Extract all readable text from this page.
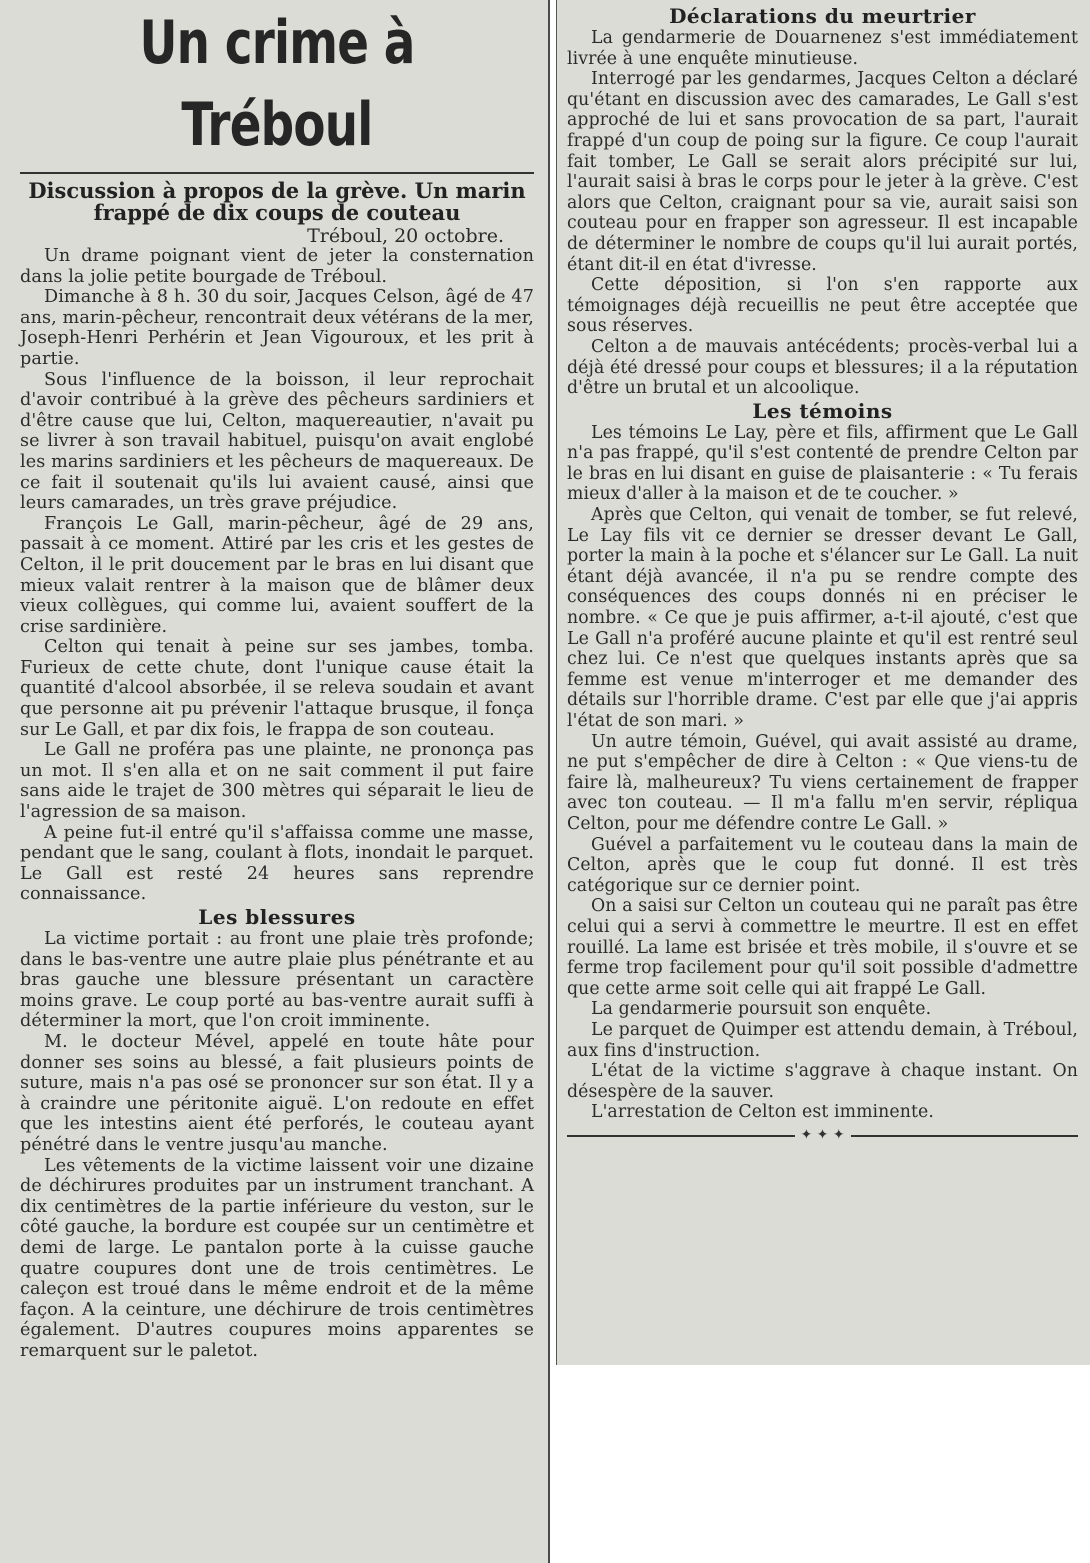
Un crime à Tréboul

Discussion à propos de la grève. Un marin frappé de dix coups de couteau

Tréboul, 20 octobre.

Un drame poignant vient de jeter la consternation dans la jolie petite bourgade de Tréboul.

Dimanche à 8 h. 30 du soir, Jacques Celson, âgé de 47 ans, marin-pêcheur, rencontrait deux vétérans de la mer, Joseph-Henri Perhérin et Jean Vigouroux, et les prit à partie.

Sous l'influence de la boisson, il leur reprochait d'avoir contribué à la grève des pêcheurs sardiniers et d'être cause que lui, Celton, maquereautier, n'avait pu se livrer à son travail habituel, puisqu'on avait englobé les marins sardiniers et les pêcheurs de maquereaux. De ce fait il soutenait qu'ils lui avaient causé, ainsi que leurs camarades, un très grave préjudice.

François Le Gall, marin-pêcheur, âgé de 29 ans, passait à ce moment. Attiré par les cris et les gestes de Celton, il le prit doucement par le bras en lui disant que mieux valait rentrer à la maison que de blâmer deux vieux collègues, qui comme lui, avaient souffert de la crise sardinière.

Celton qui tenait à peine sur ses jambes, tomba. Furieux de cette chute, dont l'unique cause était la quantité d'alcool absorbée, il se releva soudain et avant que personne ait pu prévenir l'attaque brusque, il fonça sur Le Gall, et par dix fois, le frappa de son couteau.

Le Gall ne proféra pas une plainte, ne prononça pas un mot. Il s'en alla et on ne sait comment il put faire sans aide le trajet de 300 mètres qui séparait le lieu de l'agression de sa maison.

A peine fut-il entré qu'il s'affaissa comme une masse, pendant que le sang, coulant à flots, inondait le parquet. Le Gall est resté 24 heures sans reprendre connaissance.

Les blessures

La victime portait : au front une plaie très profonde; dans le bas-ventre une autre plaie plus pénétrante et au bras gauche une blessure présentant un caractère moins grave. Le coup porté au bas-ventre aurait suffi à déterminer la mort, que l'on croit imminente.

M. le docteur Mével, appelé en toute hâte pour donner ses soins au blessé, a fait plusieurs points de suture, mais n'a pas osé se prononcer sur son état. Il y a à craindre une péritonite aiguë. L'on redoute en effet que les intestins aient été perforés, le couteau ayant pénétré dans le ventre jusqu'au manche.

Les vêtements de la victime laissent voir une dizaine de déchirures produites par un instrument tranchant. A dix centimètres de la partie inférieure du veston, sur le côté gauche, la bordure est coupée sur un centimètre et demi de large. Le pantalon porte à la cuisse gauche quatre coupures dont une de trois centimètres. Le caleçon est troué dans le même endroit et de la même façon. A la ceinture, une déchirure de trois centimètres également. D'autres coupures moins apparentes se remarquent sur le paletot.

Déclarations du meurtrier

La gendarmerie de Douarnenez s'est immédiatement livrée à une enquête minutieuse.

Interrogé par les gendarmes, Jacques Celton a déclaré qu'étant en discussion avec des camarades, Le Gall s'est approché de lui et sans provocation de sa part, l'aurait frappé d'un coup de poing sur la figure. Ce coup l'aurait fait tomber, Le Gall se serait alors précipité sur lui, l'aurait saisi à bras le corps pour le jeter à la grève. C'est alors que Celton, craignant pour sa vie, aurait saisi son couteau pour en frapper son agresseur. Il est incapable de déterminer le nombre de coups qu'il lui aurait portés, étant dit-il en état d'ivresse.

Cette déposition, si l'on s'en rapporte aux témoignages déjà recueillis ne peut être acceptée que sous réserves.

Celton a de mauvais antécédents; procès-verbal lui a déjà été dressé pour coups et blessures; il a la réputation d'être un brutal et un alcoolique.

Les témoins

Les témoins Le Lay, père et fils, affirment que Le Gall n'a pas frappé, qu'il s'est contenté de prendre Celton par le bras en lui disant en guise de plaisanterie : « Tu ferais mieux d'aller à la maison et de te coucher. »

Après que Celton, qui venait de tomber, se fut relevé, Le Lay fils vit ce dernier se dresser devant Le Gall, porter la main à la poche et s'élancer sur Le Gall. La nuit étant déjà avancée, il n'a pu se rendre compte des conséquences des coups donnés ni en préciser le nombre. « Ce que je puis affirmer, a-t-il ajouté, c'est que Le Gall n'a proféré aucune plainte et qu'il est rentré seul chez lui. Ce n'est que quelques instants après que sa femme est venue m'interroger et me demander des détails sur l'horrible drame. C'est par elle que j'ai appris l'état de son mari. »

Un autre témoin, Guével, qui avait assisté au drame, ne put s'empêcher de dire à Celton : « Que viens-tu de faire là, malheureux? Tu viens certainement de frapper avec ton couteau. — Il m'a fallu m'en servir, répliqua Celton, pour me défendre contre Le Gall. »

Guével a parfaitement vu le couteau dans la main de Celton, après que le coup fut donné. Il est très catégorique sur ce dernier point.

On a saisi sur Celton un couteau qui ne paraît pas être celui qui a servi à commettre le meurtre. Il est en effet rouillé. La lame est brisée et très mobile, il s'ouvre et se ferme trop facilement pour qu'il soit possible d'admettre que cette arme soit celle qui ait frappé Le Gall.

La gendarmerie poursuit son enquête.

Le parquet de Quimper est attendu demain, à Tréboul, aux fins d'instruction.

L'état de la victime s'aggrave à chaque instant. On désespère de la sauver.

L'arrestation de Celton est imminente.

✦ ✦ ✦
